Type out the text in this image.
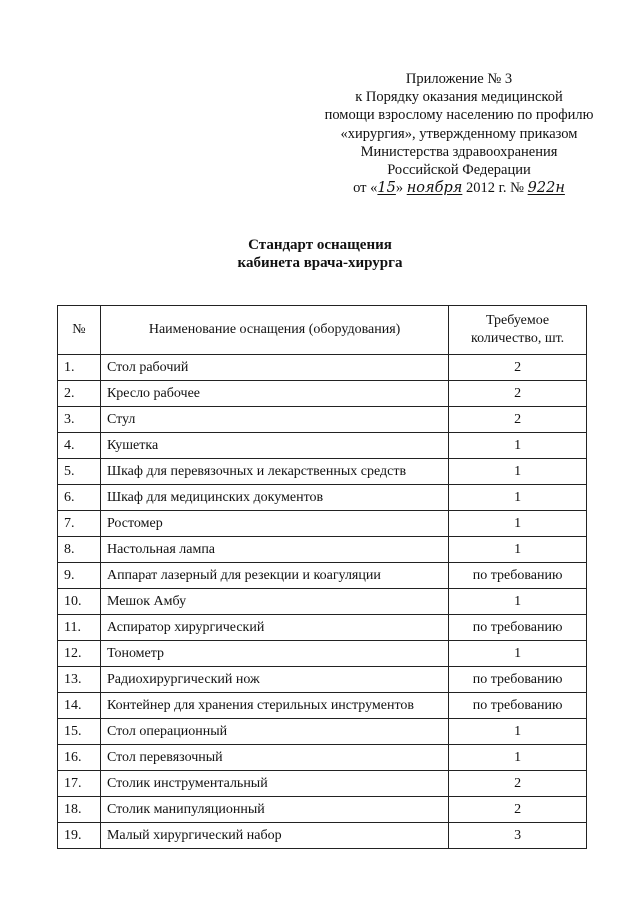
Приложение № 3
к Порядку оказания медицинской
помощи взрослому населению по профилю
«хирургия», утвержденному приказом
Министерства здравоохранения
Российской Федерации
от «15» ноября 2012 г. № 922н
Стандарт оснащения
кабинета врача-хирурга
№	Наименование оснащения (оборудования)	Требуемое количество, шт.
1.	Стол рабочий	2
2.	Кресло рабочее	2
3.	Стул	2
4.	Кушетка	1
5.	Шкаф для перевязочных и лекарственных средств	1
6.	Шкаф для медицинских документов	1
7.	Ростомер	1
8.	Настольная лампа	1
9.	Аппарат лазерный для резекции и коагуляции	по требованию
10.	Мешок Амбу	1
11.	Аспиратор хирургический	по требованию
12.	Тонометр	1
13.	Радиохирургический нож	по требованию
14.	Контейнер для хранения стерильных инструментов	по требованию
15.	Стол операционный	1
16.	Стол перевязочный	1
17.	Столик инструментальный	2
18.	Столик манипуляционный	2
19.	Малый хирургический набор	3
